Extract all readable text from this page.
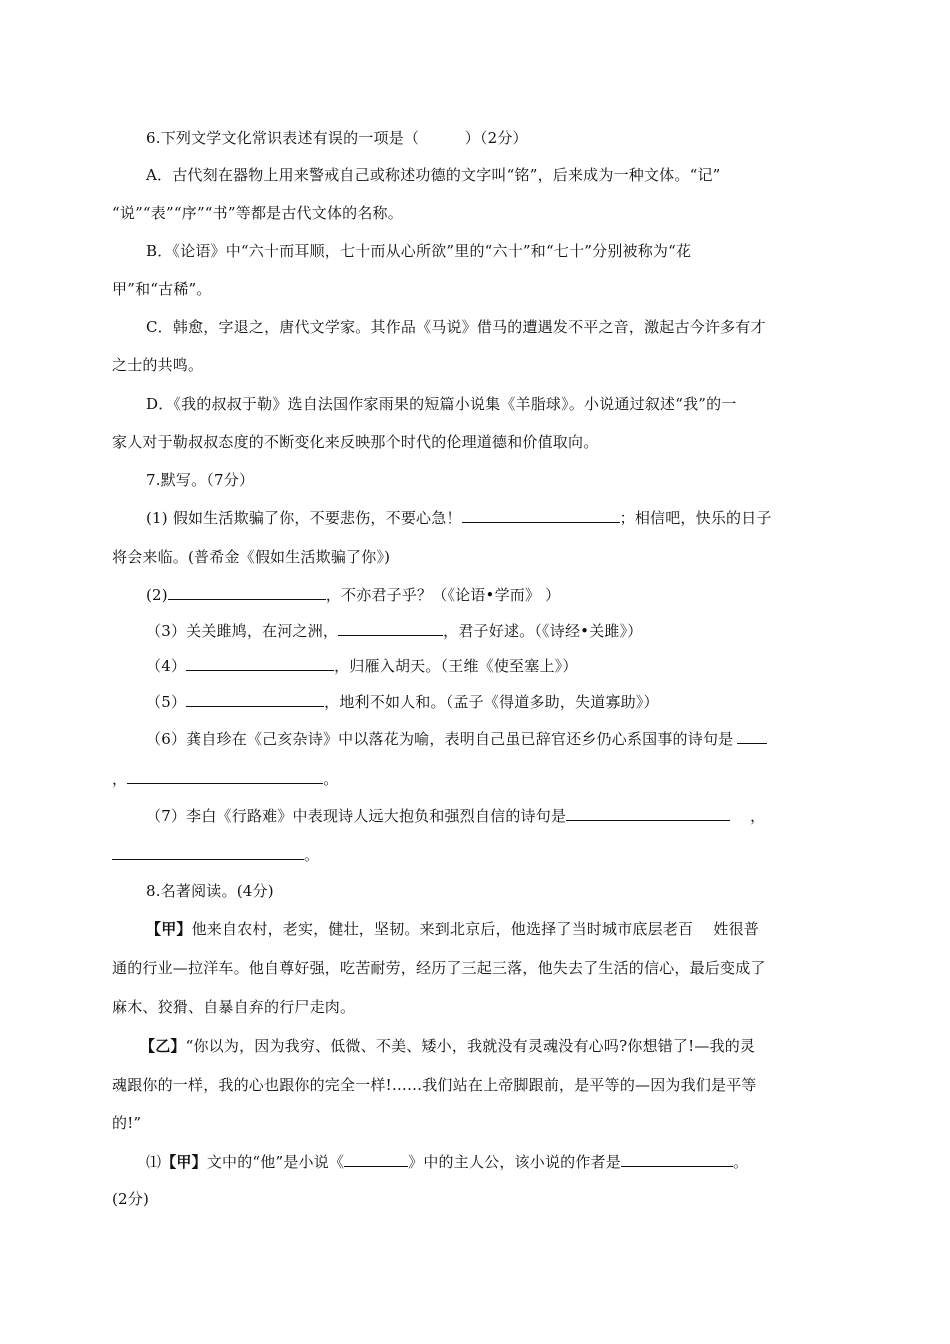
6.下列文学文化常识表述有误的一项是（　　　）（2分）
A．古代刻在器物上用来警戒自己或称述功德的文字叫“铭”，后来成为一种文体。“记”
“说”“表”“序”“书”等都是古代文体的名称。
B．《论语》中“六十而耳顺，七十而从心所欲”里的“六十”和“七十”分别被称为“花
甲”和“古稀”。
C．韩愈，字退之，唐代文学家。其作品《马说》借马的遭遇发不平之音，激起古今许多有才
之士的共鸣。
D．《我的叔叔于勒》选自法国作家雨果的短篇小说集《羊脂球》。小说通过叙述“我”的一
家人对于勒叔叔态度的不断变化来反映那个时代的伦理道德和价值取向。
7.默写。（7分）
(1) 假如生活欺骗了你，不要悲伤，不要心急！	；相信吧，快乐的日子
将会来临。(普希金《假如生活欺骗了你》)
(2)	，不亦君子乎？（《论语•学而》 ）
（3）关关雎鸠，在河之洲，	，君子好逑。（《诗经•关雎》）
（4）	，归雁入胡天。（王维《使至塞上》）
（5）	，地利不如人和。（孟子《得道多助，失道寡助》）
（6）龚自珍在《己亥杂诗》中以落花为喻，表明自己虽已辞官还乡仍心系国事的诗句是
，	。
（7）李白《行路难》中表现诗人远大抱负和强烈自信的诗句是	，
。
8.名著阅读。(4分)
【甲】他来自农村，老实，健壮，坚韧。来到北京后，他选择了当时城市底层老百　 姓很普
通的行业—拉洋车。他自尊好强，吃苦耐劳，经历了三起三落，他失去了生活的信心，最后变成了
麻木、狡猾、自暴自弃的行尸走肉。
【乙】“你以为，因为我穷、低微、不美、矮小，我就没有灵魂没有心吗?你想错了!—我的灵
魂跟你的一样，我的心也跟你的完全一样!……我们站在上帝脚跟前，是平等的—因为我们是平等
的!”
⑴【甲】文中的“他”是小说《	》中的主人公，该小说的作者是	。
(2分)
